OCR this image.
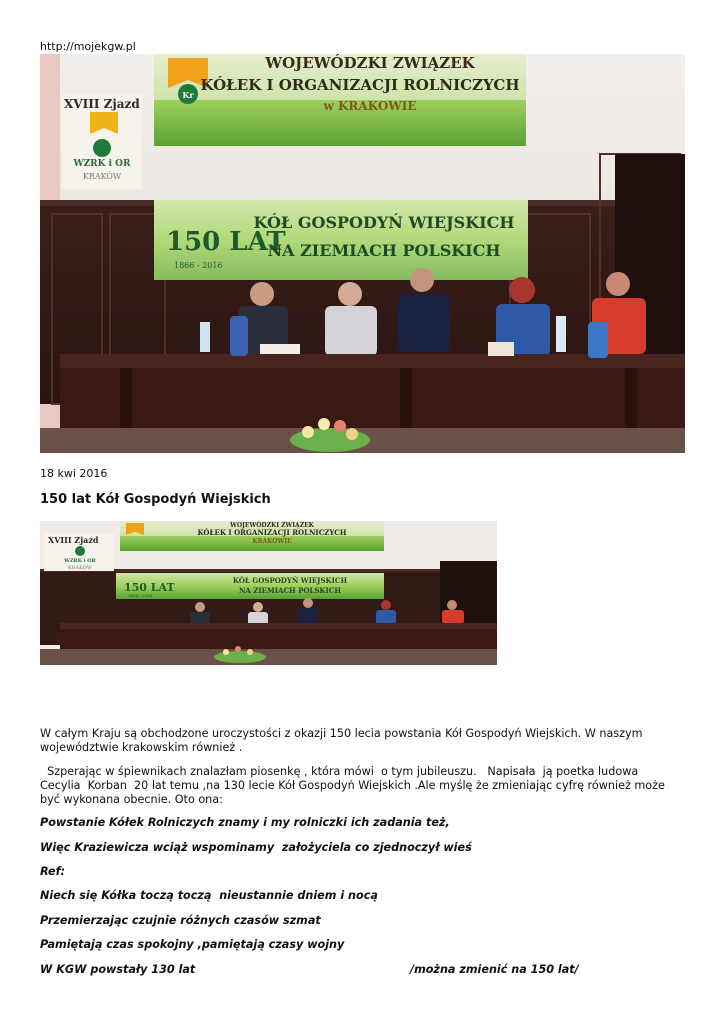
http://mojekgw.pl
Kr
WOJEWÓDZKI ZWIĄZEK
KÓŁEK I ORGANIZACJI ROLNICZYCH
w KRAKOWIE
XVIII Zjazd
WZRK i OR
KRAKÓW
150 LAT
1866 - 2016
KÓŁ GOSPODYŃ WIEJSKICH
NA ZIEMIACH POLSKICH
18 kwi 2016
150 lat Kół Gospodyń Wiejskich
WOJEWÓDZKI ZWIĄZEK
KÓŁEK I ORGANIZACJI ROLNICZYCH
KRAKOWIE
XVIII Zjazd
WZRK i OR
KRAKÓW
150 LAT
1866 - 2016
KÓŁ GOSPODYŃ WIEJSKICH
NA ZIEMIACH POLSKICH

W całym Kraju są obchodzone uroczystości z okazji 150 lecia powstania Kół Gospodyń Wiejskich. W naszym województwie krakowskim również .

Szperając w śpiewnikach znalazłam piosenkę , która mówi  o tym jubileuszu.   Napisała  ją poetka ludowa Cecylia  Korban  20 lat temu ,na 130 lecie Kół Gospodyń Wiejskich .Ale myślę że zmieniając cyfrę również może być wykonana obecnie. Oto ona:

Powstanie Kółek Rolniczych znamy i my rolniczki ich zadania też,

Więc Kraziewicza wciąż wspominamy  założyciela co zjednoczył wieś

Ref:

Niech się Kółka toczą toczą  nieustannie dniem i nocą

Przemierzając czujnie różnych czasów szmat

Pamiętają czas spokojny ,pamiętają czasy wojny

W KGW powstały 130 lat	/można zmienić na 150 lat/
